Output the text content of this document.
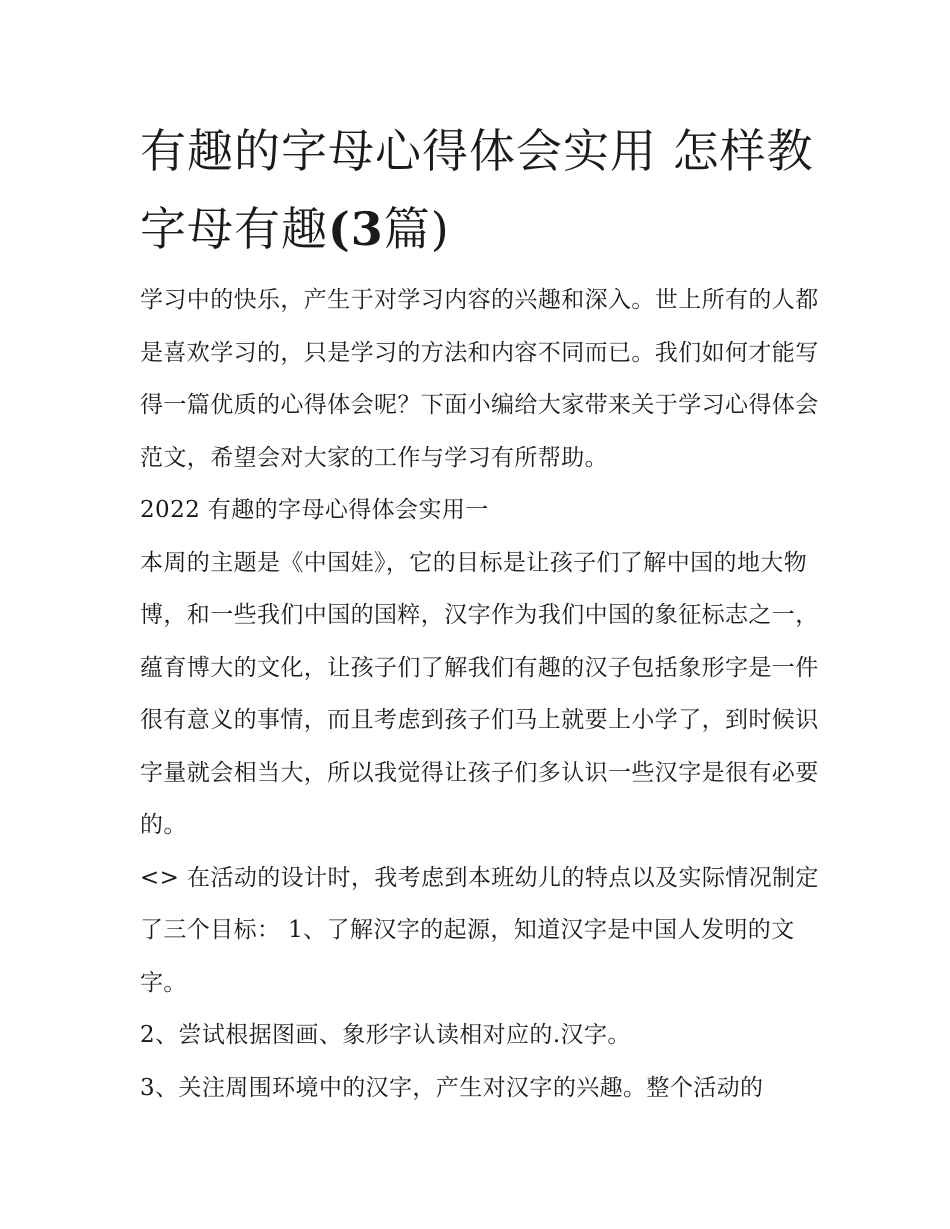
有趣的字母心得体会实用 怎样教字母有趣(3篇)

学习中的快乐，产生于对学习内容的兴趣和深入。世上所有的人都是喜欢学习的，只是学习的方法和内容不同而已。我们如何才能写得一篇优质的心得体会呢？下面小编给大家带来关于学习心得体会范文，希望会对大家的工作与学习有所帮助。

2022 有趣的字母心得体会实用一

本周的主题是《中国娃》，它的目标是让孩子们了解中国的地大物博，和一些我们中国的国粹，汉字作为我们中国的象征标志之一，蕴育博大的文化，让孩子们了解我们有趣的汉子包括象形字是一件很有意义的事情，而且考虑到孩子们马上就要上小学了，到时候识字量就会相当大，所以我觉得让孩子们多认识一些汉字是很有必要的。

<> 在活动的设计时，我考虑到本班幼儿的特点以及实际情况制定了三个目标： 1、了解汉字的起源，知道汉字是中国人发明的文字。

2、尝试根据图画、象形字认读相对应的.汉字。

3、关注周围环境中的汉字，产生对汉字的兴趣。整个活动的
